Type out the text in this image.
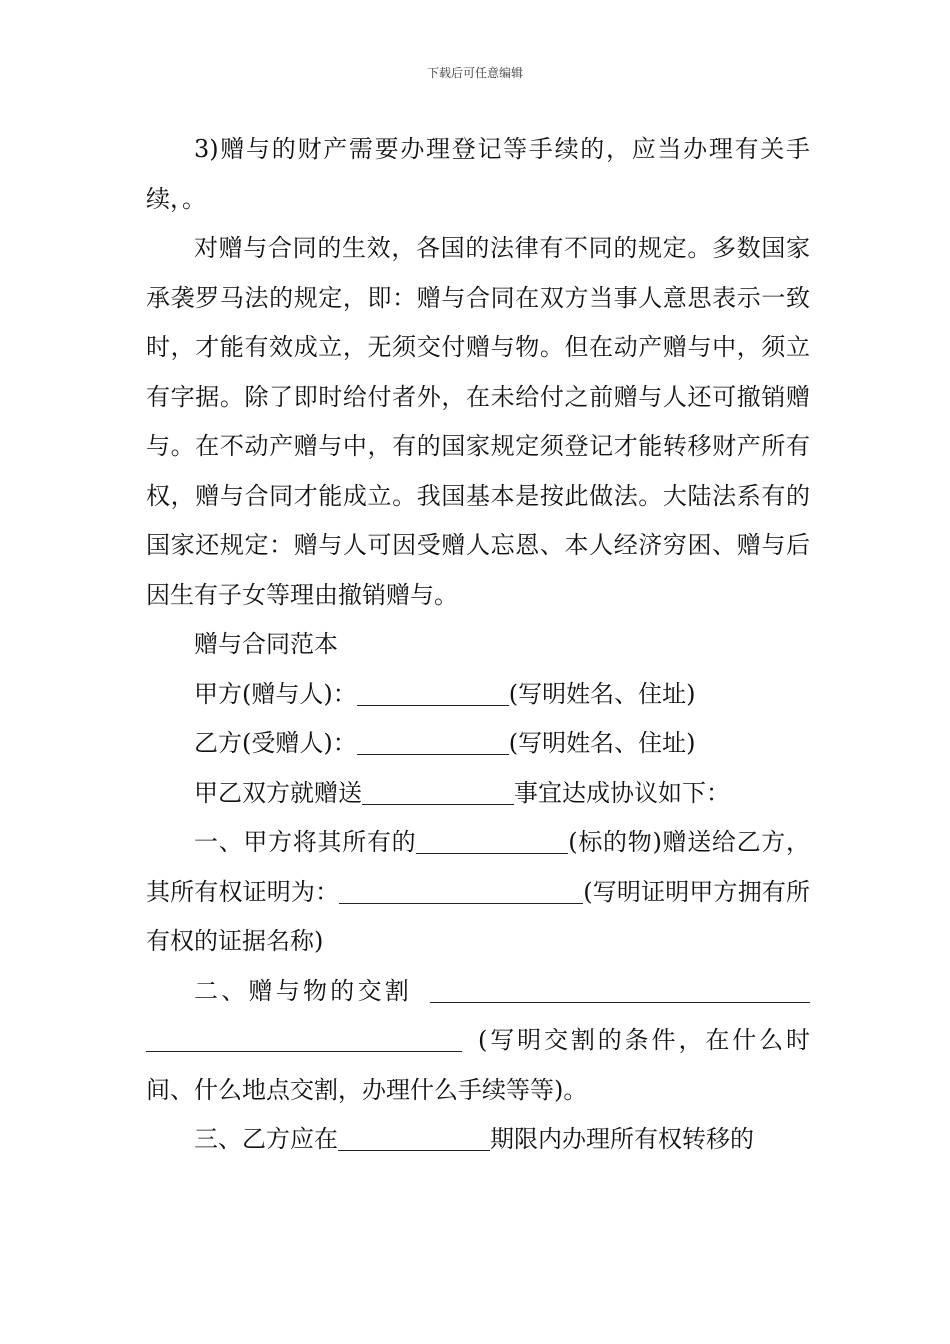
下载后可任意编辑

3)赠与的财产需要办理登记等手续的，应当办理有关手续，。

对赠与合同的生效，各国的法律有不同的规定。多数国家承袭罗马法的规定，即：赠与合同在双方当事人意思表示一致时，才能有效成立，无须交付赠与物。但在动产赠与中，须立有字据。除了即时给付者外，在未给付之前赠与人还可撤销赠与。在不动产赠与中，有的国家规定须登记才能转移财产所有权，赠与合同才能成立。我国基本是按此做法。大陆法系有的国家还规定：赠与人可因受赠人忘恩、本人经济穷困、赠与后因生有子女等理由撤销赠与。

赠与合同范本
甲方(赠与人)：	(写明姓名、住址)
乙方(受赠人)：	(写明姓名、住址)
甲乙双方就赠送	事宜达成协议如下：

一、甲方将其所有的	(标的物)赠送给乙方，其所有权证明为：	(写明证明甲方拥有所有权的证据名称)

二、赠与物的交割(写明交割的条件，在什么时间、什么地点交割，办理什么手续等等)。

三、乙方应在	期限内办理所有权转移的
